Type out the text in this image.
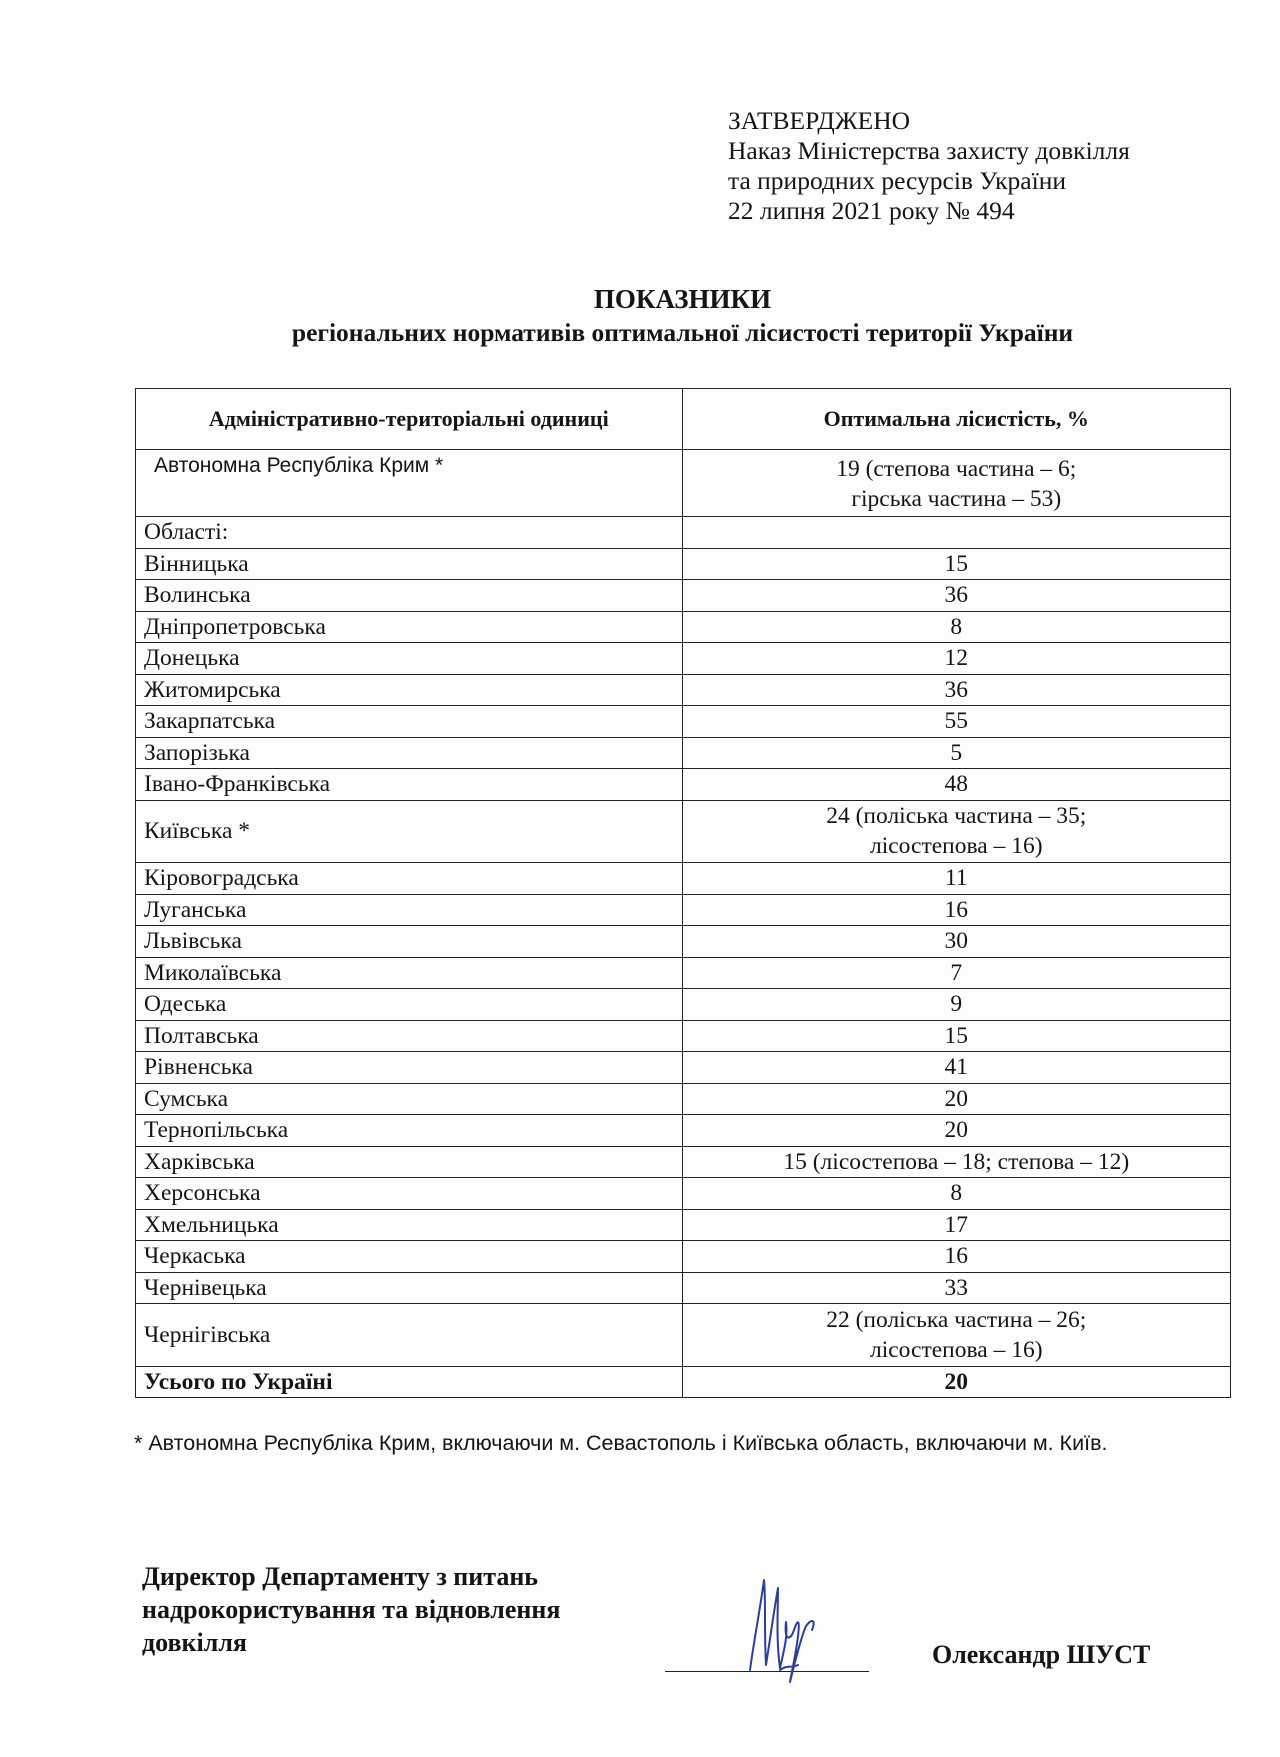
ЗАТВЕРДЖЕНО
Наказ Міністерства захисту довкілля
та природних ресурсів України
22 липня 2021 року № 494
ПОКАЗНИКИ
регіональних нормативів оптимальної лісистості території України
Адміністративно-територіальні одиниці	Оптимальна лісистість, %
Автономна Республіка Крим *	19 (степова частина – 6;
гірська частина – 53)

Області:	
Вінницька	15
Волинська	36
Дніпропетровська	8
Донецька	12
Житомирська	36
Закарпатська	55
Запорізька	5
Івано-Франківська	48
Київська *	24 (поліська частина – 35;
лісостепова – 16)

Кіровоградська	11
Луганська	16
Львівська	30
Миколаївська	7
Одеська	9
Полтавська	15
Рівненська	41
Сумська	20
Тернопільська	20
Харківська	15 (лісостепова – 18; степова – 12)
Херсонська	8
Хмельницька	17
Черкаська	16
Чернівецька	33
Чернігівська	22 (поліська частина – 26;
лісостепова – 16)

Усього по Україні	20
* Автономна Республіка Крим, включаючи м. Севастополь і Київська область, включаючи м. Київ.
Директор Департаменту з питань
надрокористування та відновлення
довкілля	Олександр ШУСТ
